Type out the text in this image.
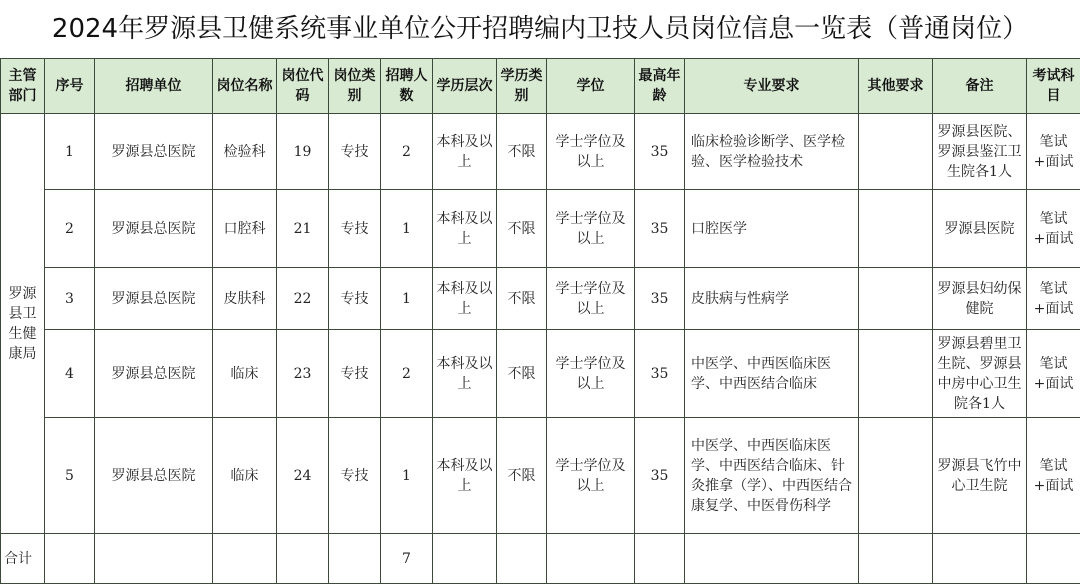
2024年罗源县卫健系统事业单位公开招聘编内卫技人员岗位信息一览表（普通岗位）
主管部门	序号	招聘单位	岗位名称	岗位代码	岗位类别	招聘人数	学历层次	学历类别	学位	最高年龄	专业要求	其他要求	备注	考试科目
罗源县卫生健康局	1	罗源县总医院	检验科	19	专技	2	本科及以上	不限	学士学位及以上	35	临床检验诊断学、医学检验、医学检验技术		罗源县医院、罗源县鉴江卫生院各1人	笔试+面试
	2	罗源县总医院	口腔科	21	专技	1	本科及以上	不限	学士学位及以上	35	口腔医学		罗源县医院	笔试+面试
	3	罗源县总医院	皮肤科	22	专技	1	本科及以上	不限	学士学位及以上	35	皮肤病与性病学		罗源县妇幼保健院	笔试+面试
	4	罗源县总医院	临床	23	专技	2	本科及以上	不限	学士学位及以上	35	中医学、中西医临床医学、中西医结合临床		罗源县碧里卫生院、罗源县中房中心卫生院各1人	笔试+面试
	5	罗源县总医院	临床	24	专技	1	本科及以上	不限	学士学位及以上	35	中医学、中西医临床医学、中西医结合临床、针灸推拿（学）、中西医结合康复学、中医骨伤科学		罗源县飞竹中心卫生院	笔试+面试
合计						7								
